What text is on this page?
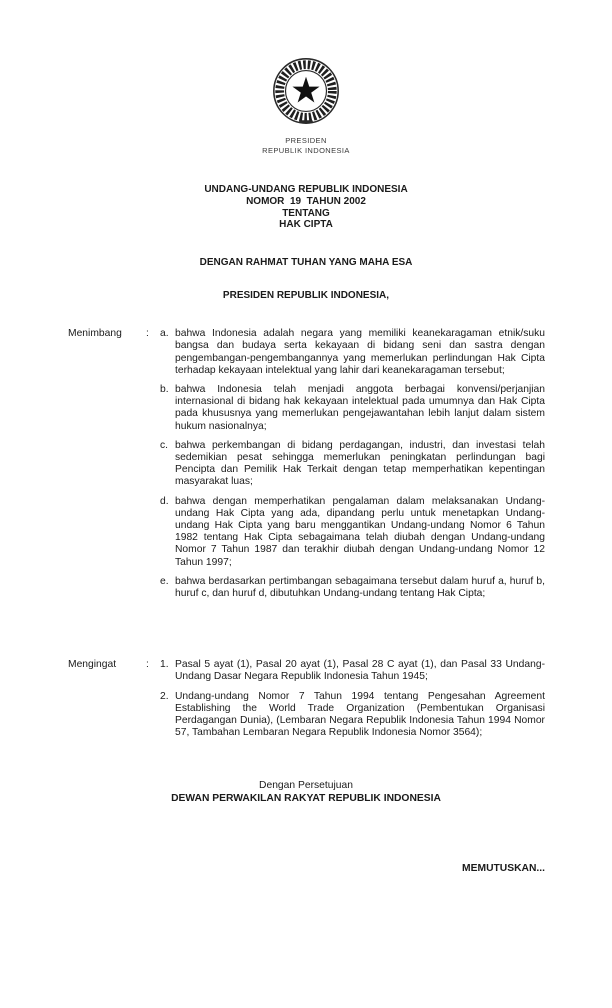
PRESIDEN
REPUBLIK INDONESIA
UNDANG-UNDANG REPUBLIK INDONESIA
NOMOR  19  TAHUN 2002
TENTANG
HAK CIPTA
DENGAN RAHMAT TUHAN YANG MAHA ESA
PRESIDEN REPUBLIK INDONESIA,
Menimbang	:	a. bahwa Indonesia adalah negara yang memiliki keanekaragaman etnik/suku bangsa dan budaya serta kekayaan di bidang seni dan sastra dengan pengembangan-pengembangannya yang memerlukan perlindungan Hak Cipta terhadap kekayaan intelektual yang lahir dari keanekaragaman tersebut;
b. bahwa Indonesia telah menjadi anggota berbagai konvensi/perjanjian internasional di bidang hak kekayaan intelektual pada umumnya dan Hak Cipta pada khususnya yang memerlukan pengejawantahan lebih lanjut dalam sistem hukum nasionalnya;
c. bahwa perkembangan di bidang perdagangan, industri, dan investasi telah sedemikian pesat sehingga memerlukan peningkatan perlindungan bagi Pencipta dan Pemilik Hak Terkait dengan tetap memperhatikan kepentingan masyarakat luas;
d. bahwa dengan memperhatikan pengalaman dalam melaksanakan Undang-undang Hak Cipta yang ada, dipandang perlu untuk menetapkan Undang-undang Hak Cipta yang baru menggantikan Undang-undang Nomor 6 Tahun 1982 tentang Hak Cipta sebagaimana telah diubah dengan Undang-undang Nomor 7 Tahun 1987 dan terakhir diubah dengan Undang-undang Nomor 12 Tahun 1997;
e. bahwa berdasarkan pertimbangan sebagaimana tersebut dalam huruf a, huruf b, huruf c, dan huruf d, dibutuhkan Undang-undang tentang Hak Cipta;
Mengingat	:	1. Pasal 5 ayat (1), Pasal 20 ayat (1), Pasal 28 C ayat (1), dan Pasal 33 Undang-Undang Dasar Negara Republik Indonesia Tahun 1945;
2. Undang-undang Nomor 7 Tahun 1994 tentang Pengesahan Agreement Establishing the World Trade Organization (Pembentukan Organisasi Perdagangan Dunia), (Lembaran Negara Republik Indonesia Tahun 1994 Nomor 57, Tambahan Lembaran Negara Republik Indonesia Nomor 3564);
Dengan Persetujuan
DEWAN PERWAKILAN RAKYAT REPUBLIK INDONESIA
MEMUTUSKAN...
